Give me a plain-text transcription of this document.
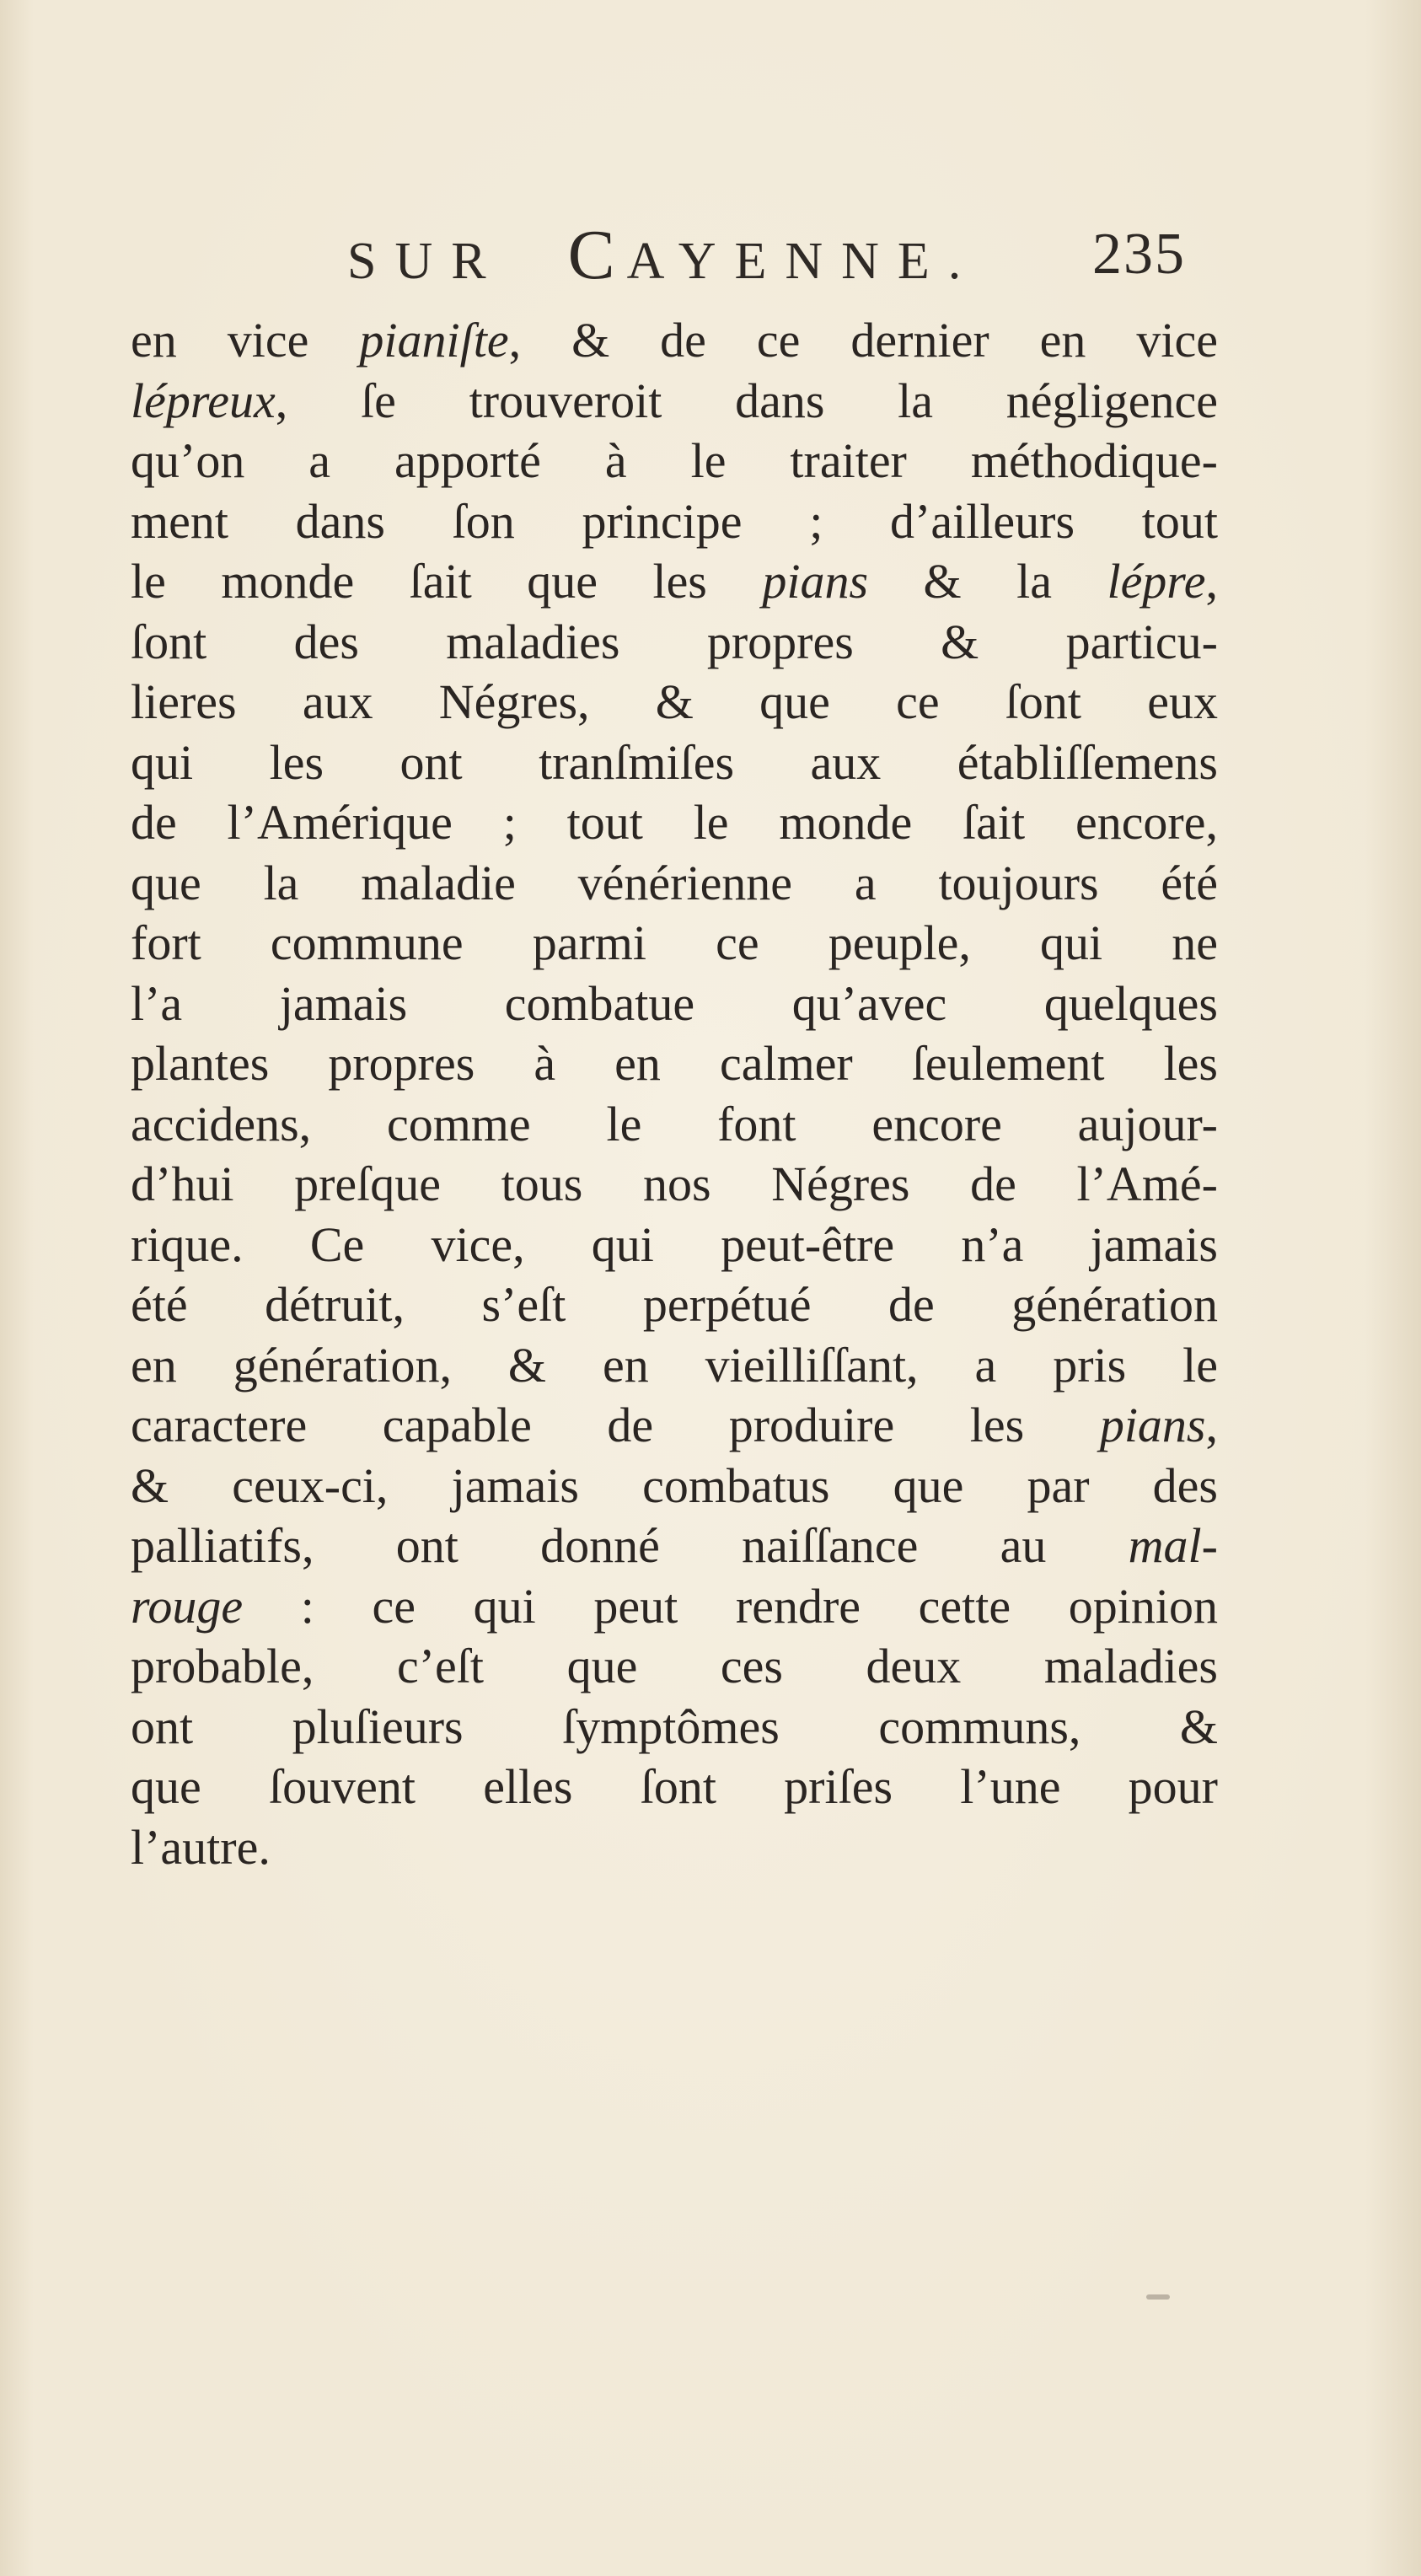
SUR CAYENNE. 235
en vice pianiſte, & de ce dernier en vice
lépreux, ſe trouveroit dans la négligence
qu’on a apporté à le traiter méthodique-
ment dans ſon principe ; d’ailleurs tout
le monde ſait que les pians & la lépre,
ſont des maladies propres & particu-
lieres aux Négres, & que ce ſont eux
qui les ont tranſmiſes aux établiſſemens
de l’Amérique ; tout le monde ſait encore,
que la maladie vénérienne a toujours été
fort commune parmi ce peuple, qui ne
l’a jamais combatue qu’avec quelques
plantes propres à en calmer ſeulement les
accidens, comme le font encore aujour-
d’hui preſque tous nos Négres de l’Amé-
rique. Ce vice, qui peut-être n’a jamais
été détruit, s’eſt perpétué de génération
en génération, & en vieilliſſant, a pris le
caractere capable de produire les pians,
& ceux-ci, jamais combatus que par des
palliatifs, ont donné naiſſance au mal-
rouge : ce qui peut rendre cette opinion
probable, c’eſt que ces deux maladies
ont pluſieurs ſymptômes communs, &
que ſouvent elles ſont priſes l’une pour
l’autre.
